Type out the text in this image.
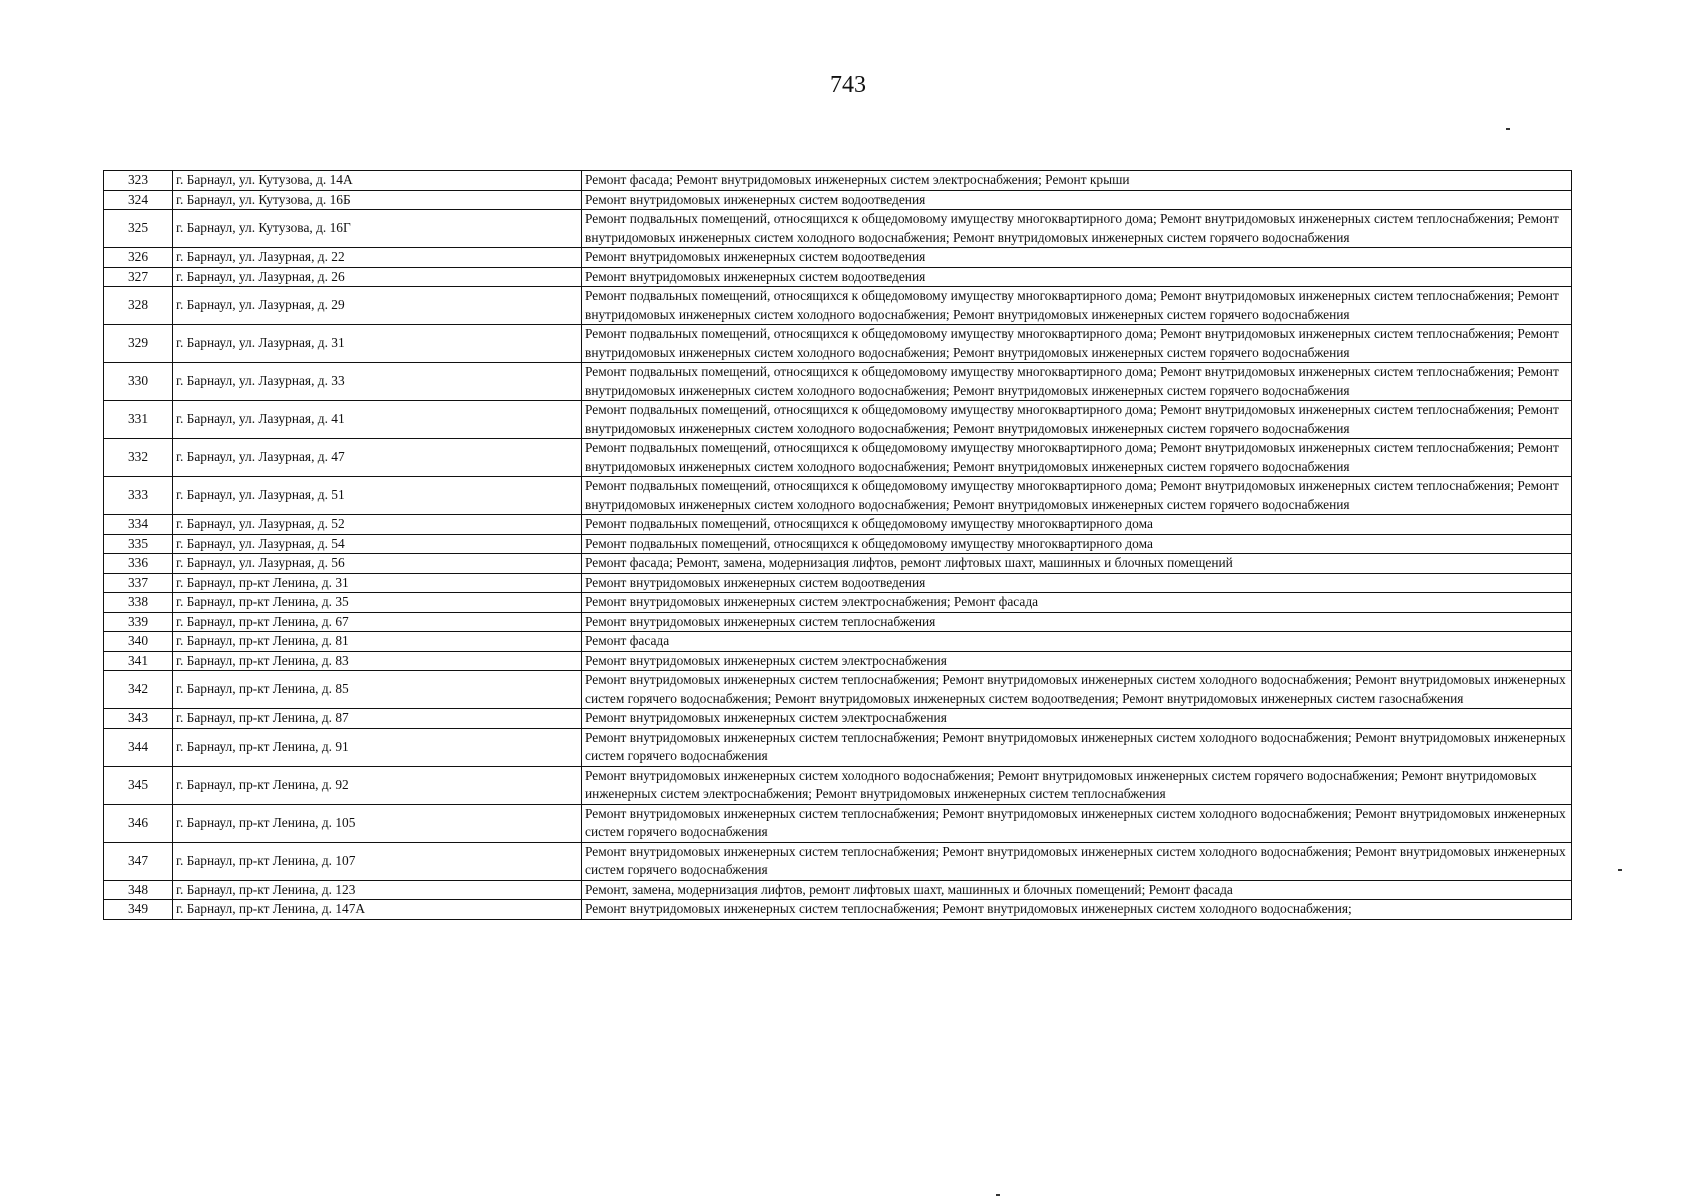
743
323	г. Барнаул, ул. Кутузова, д. 14А	Ремонт фасада; Ремонт внутридомовых инженерных систем электроснабжения; Ремонт крыши
324	г. Барнаул, ул. Кутузова, д. 16Б	Ремонт внутридомовых инженерных систем водоотведения
325	г. Барнаул, ул. Кутузова, д. 16Г	Ремонт подвальных помещений, относящихся к общедомовому имуществу многоквартирного дома; Ремонт внутридомовых инженерных систем теплоснабжения; Ремонт внутридомовых инженерных систем холодного водоснабжения; Ремонт внутридомовых инженерных систем горячего водоснабжения
326	г. Барнаул, ул. Лазурная, д. 22	Ремонт внутридомовых инженерных систем водоотведения
327	г. Барнаул, ул. Лазурная, д. 26	Ремонт внутридомовых инженерных систем водоотведения
328	г. Барнаул, ул. Лазурная, д. 29	Ремонт подвальных помещений, относящихся к общедомовому имуществу многоквартирного дома; Ремонт внутридомовых инженерных систем теплоснабжения; Ремонт внутридомовых инженерных систем холодного водоснабжения; Ремонт внутридомовых инженерных систем горячего водоснабжения
329	г. Барнаул, ул. Лазурная, д. 31	Ремонт подвальных помещений, относящихся к общедомовому имуществу многоквартирного дома; Ремонт внутридомовых инженерных систем теплоснабжения; Ремонт внутридомовых инженерных систем холодного водоснабжения; Ремонт внутридомовых инженерных систем горячего водоснабжения
330	г. Барнаул, ул. Лазурная, д. 33	Ремонт подвальных помещений, относящихся к общедомовому имуществу многоквартирного дома; Ремонт внутридомовых инженерных систем теплоснабжения; Ремонт внутридомовых инженерных систем холодного водоснабжения; Ремонт внутридомовых инженерных систем горячего водоснабжения
331	г. Барнаул, ул. Лазурная, д. 41	Ремонт подвальных помещений, относящихся к общедомовому имуществу многоквартирного дома; Ремонт внутридомовых инженерных систем теплоснабжения; Ремонт внутридомовых инженерных систем холодного водоснабжения; Ремонт внутридомовых инженерных систем горячего водоснабжения
332	г. Барнаул, ул. Лазурная, д. 47	Ремонт подвальных помещений, относящихся к общедомовому имуществу многоквартирного дома; Ремонт внутридомовых инженерных систем теплоснабжения; Ремонт внутридомовых инженерных систем холодного водоснабжения; Ремонт внутридомовых инженерных систем горячего водоснабжения
333	г. Барнаул, ул. Лазурная, д. 51	Ремонт подвальных помещений, относящихся к общедомовому имуществу многоквартирного дома; Ремонт внутридомовых инженерных систем теплоснабжения; Ремонт внутридомовых инженерных систем холодного водоснабжения; Ремонт внутридомовых инженерных систем горячего водоснабжения
334	г. Барнаул, ул. Лазурная, д. 52	Ремонт подвальных помещений, относящихся к общедомовому имуществу многоквартирного дома
335	г. Барнаул, ул. Лазурная, д. 54	Ремонт подвальных помещений, относящихся к общедомовому имуществу многоквартирного дома
336	г. Барнаул, ул. Лазурная, д. 56	Ремонт фасада; Ремонт, замена, модернизация лифтов, ремонт лифтовых шахт, машинных и блочных помещений
337	г. Барнаул, пр-кт Ленина, д. 31	Ремонт внутридомовых инженерных систем водоотведения
338	г. Барнаул, пр-кт Ленина, д. 35	Ремонт внутридомовых инженерных систем электроснабжения; Ремонт фасада
339	г. Барнаул, пр-кт Ленина, д. 67	Ремонт внутридомовых инженерных систем теплоснабжения
340	г. Барнаул, пр-кт Ленина, д. 81	Ремонт фасада
341	г. Барнаул, пр-кт Ленина, д. 83	Ремонт внутридомовых инженерных систем электроснабжения
342	г. Барнаул, пр-кт Ленина, д. 85	Ремонт внутридомовых инженерных систем теплоснабжения; Ремонт внутридомовых инженерных систем холодного водоснабжения; Ремонт внутридомовых инженерных систем горячего водоснабжения; Ремонт внутридомовых инженерных систем водоотведения; Ремонт внутридомовых инженерных систем газоснабжения
343	г. Барнаул, пр-кт Ленина, д. 87	Ремонт внутридомовых инженерных систем электроснабжения
344	г. Барнаул, пр-кт Ленина, д. 91	Ремонт внутридомовых инженерных систем теплоснабжения; Ремонт внутридомовых инженерных систем холодного водоснабжения; Ремонт внутридомовых инженерных систем горячего водоснабжения
345	г. Барнаул, пр-кт Ленина, д. 92	Ремонт внутридомовых инженерных систем холодного водоснабжения; Ремонт внутридомовых инженерных систем горячего водоснабжения; Ремонт внутридомовых инженерных систем электроснабжения; Ремонт внутридомовых инженерных систем теплоснабжения
346	г. Барнаул, пр-кт Ленина, д. 105	Ремонт внутридомовых инженерных систем теплоснабжения; Ремонт внутридомовых инженерных систем холодного водоснабжения; Ремонт внутридомовых инженерных систем горячего водоснабжения
347	г. Барнаул, пр-кт Ленина, д. 107	Ремонт внутридомовых инженерных систем теплоснабжения; Ремонт внутридомовых инженерных систем холодного водоснабжения; Ремонт внутридомовых инженерных систем горячего водоснабжения
348	г. Барнаул, пр-кт Ленина, д. 123	Ремонт, замена, модернизация лифтов, ремонт лифтовых шахт, машинных и блочных помещений; Ремонт фасада
349	г. Барнаул, пр-кт Ленина, д. 147А	Ремонт внутридомовых инженерных систем теплоснабжения; Ремонт внутридомовых инженерных систем холодного водоснабжения;
